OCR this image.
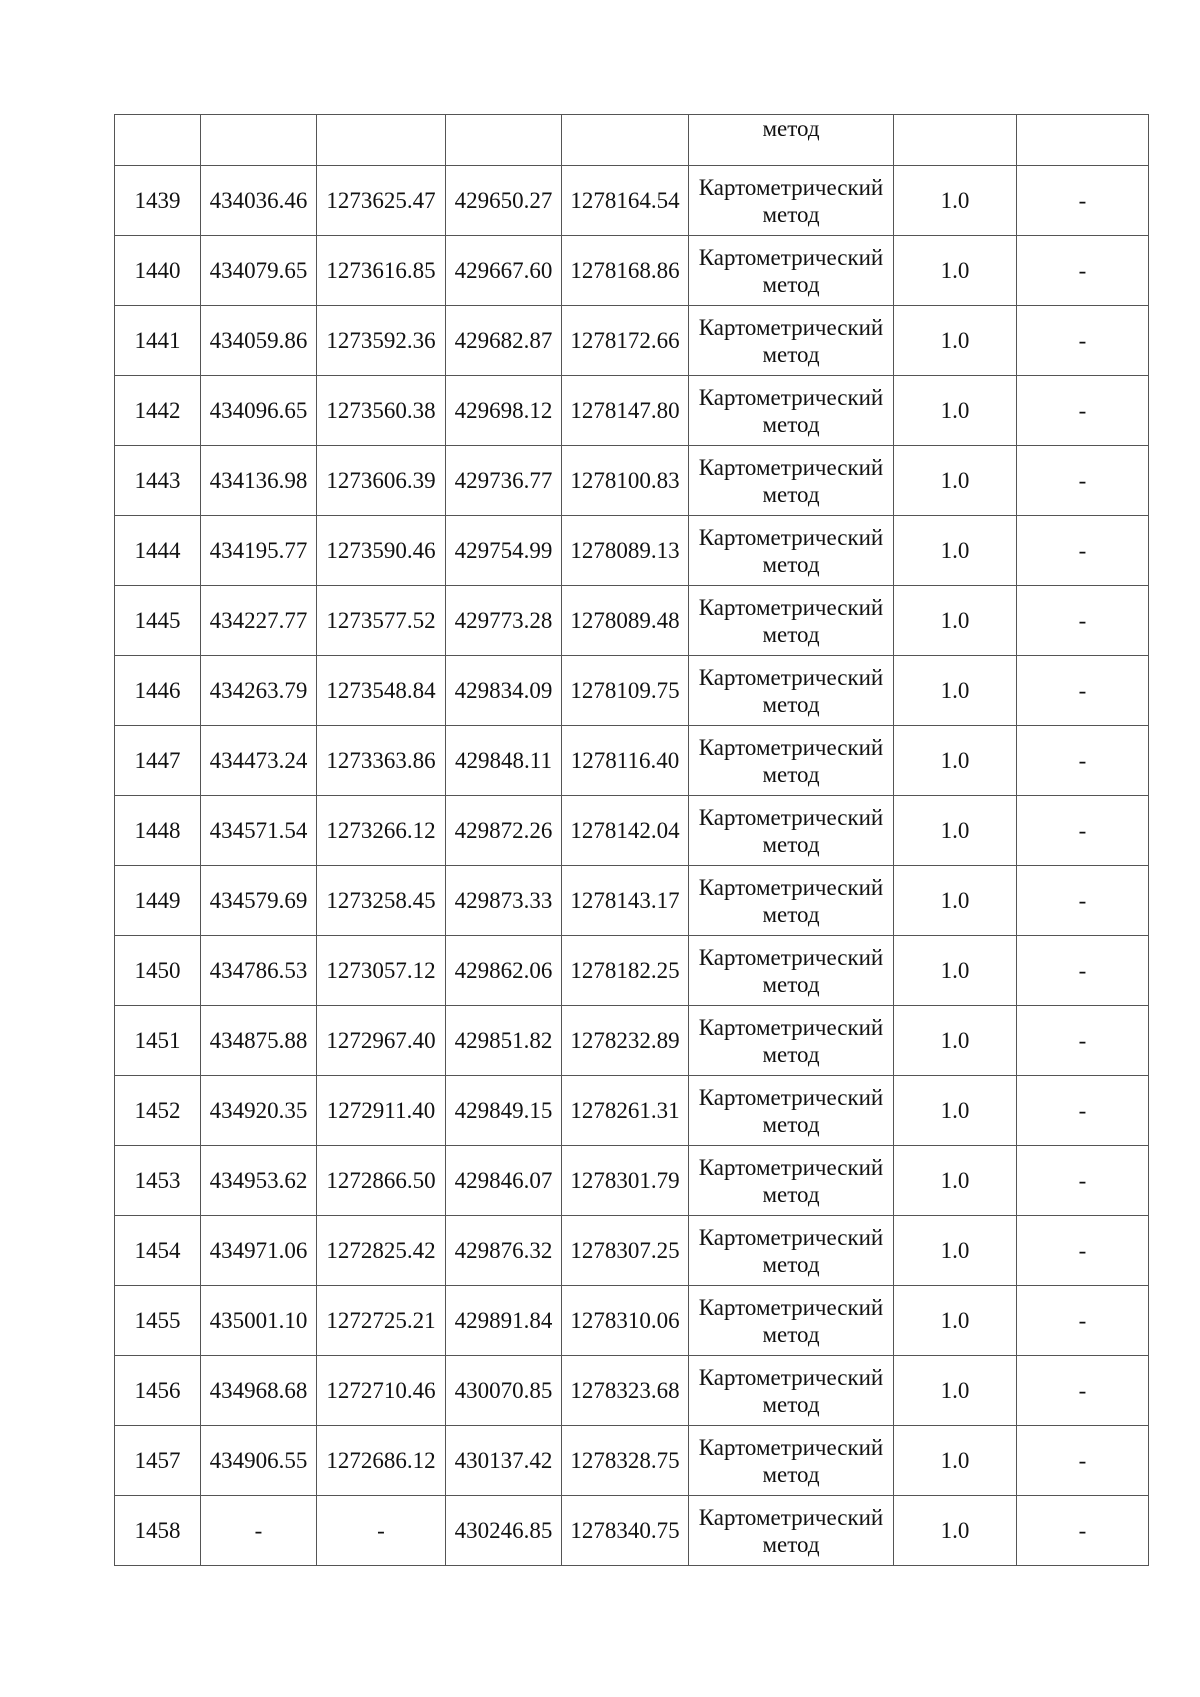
					метод		

1439	434036.46	1273625.47	429650.27	1278164.54	Картометрический
метод	1.0	-
1440	434079.65	1273616.85	429667.60	1278168.86	Картометрический
метод	1.0	-
1441	434059.86	1273592.36	429682.87	1278172.66	Картометрический
метод	1.0	-
1442	434096.65	1273560.38	429698.12	1278147.80	Картометрический
метод	1.0	-
1443	434136.98	1273606.39	429736.77	1278100.83	Картометрический
метод	1.0	-
1444	434195.77	1273590.46	429754.99	1278089.13	Картометрический
метод	1.0	-
1445	434227.77	1273577.52	429773.28	1278089.48	Картометрический
метод	1.0	-
1446	434263.79	1273548.84	429834.09	1278109.75	Картометрический
метод	1.0	-
1447	434473.24	1273363.86	429848.11	1278116.40	Картометрический
метод	1.0	-
1448	434571.54	1273266.12	429872.26	1278142.04	Картометрический
метод	1.0	-
1449	434579.69	1273258.45	429873.33	1278143.17	Картометрический
метод	1.0	-
1450	434786.53	1273057.12	429862.06	1278182.25	Картометрический
метод	1.0	-
1451	434875.88	1272967.40	429851.82	1278232.89	Картометрический
метод	1.0	-
1452	434920.35	1272911.40	429849.15	1278261.31	Картометрический
метод	1.0	-
1453	434953.62	1272866.50	429846.07	1278301.79	Картометрический
метод	1.0	-
1454	434971.06	1272825.42	429876.32	1278307.25	Картометрический
метод	1.0	-
1455	435001.10	1272725.21	429891.84	1278310.06	Картометрический
метод	1.0	-
1456	434968.68	1272710.46	430070.85	1278323.68	Картометрический
метод	1.0	-
1457	434906.55	1272686.12	430137.42	1278328.75	Картометрический
метод	1.0	-
1458	-	-	430246.85	1278340.75	Картометрический
метод	1.0	-
